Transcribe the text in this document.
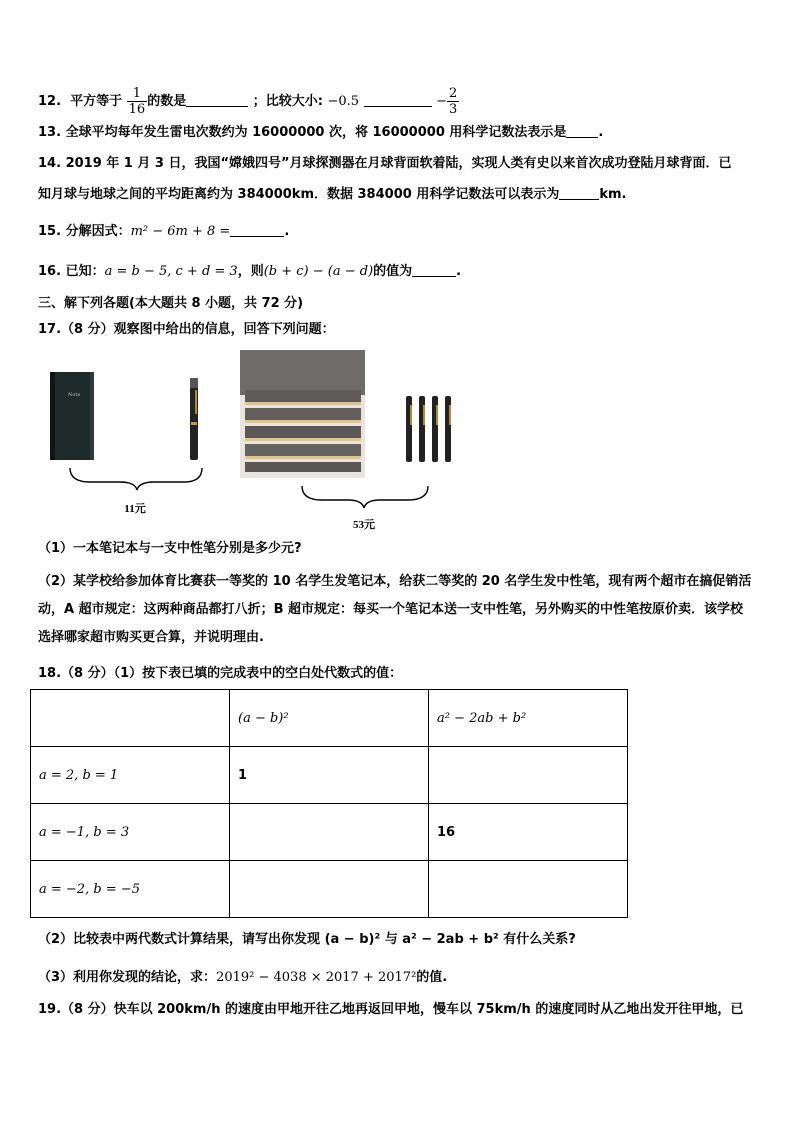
12. 平方等于 $\frac{1}{16}$ 的数是	；比较大小: −0.5	− $\frac{2}{3}$
13. 全球平均每年发生雷电次数约为 16000000 次，将 16000000 用科学记数法表示是 .
14. 2019 年 1 月 3 日，我国“嫦娥四号”月球探测器在月球背面软着陆，实现人类有史以来首次成功登陆月球背面．已
知月球与地球之间的平均距离约为 384000km．数据 384000 用科学记数法可以表示为	km.
15. 分解因式：m² − 6m + 8 =	.
16. 已知：a = b − 5, c + d = 3，则(b + c) − (a − d)的值为	.
三、解下列各题(本大题共 8 小题，共 72 分)
17.（8 分）观察图中给出的信息，回答下列问题：
Note
11元
53元
（1）一本笔记本与一支中性笔分别是多少元?
（2）某学校给参加体育比赛获一等奖的 10 名学生发笔记本，给获二等奖的 20 名学生发中性笔，现有两个超市在搞促销活动，A 超市规定：这两种商品都打八折；B 超市规定：每买一个笔记本送一支中性笔，另外购买的中性笔按原价卖．该学校选择哪家超市购买更合算，并说明理由.
18.（8 分）（1）按下表已填的完成表中的空白处代数式的值：
	(a − b)²	a² − 2ab + b²
a = 2, b = 1	1	
a = −1, b = 3		16
a = −2, b = −5		
（2）比较表中两代数式计算结果，请写出你发现 (a − b)² 与 a² − 2ab + b² 有什么关系?
（3）利用你发现的结论，求：2019² − 4038 × 2017 + 2017²的值.
19.（8 分）快车以 200km/h 的速度由甲地开往乙地再返回甲地，慢车以 75km/h 的速度同时从乙地出发开往甲地，已
